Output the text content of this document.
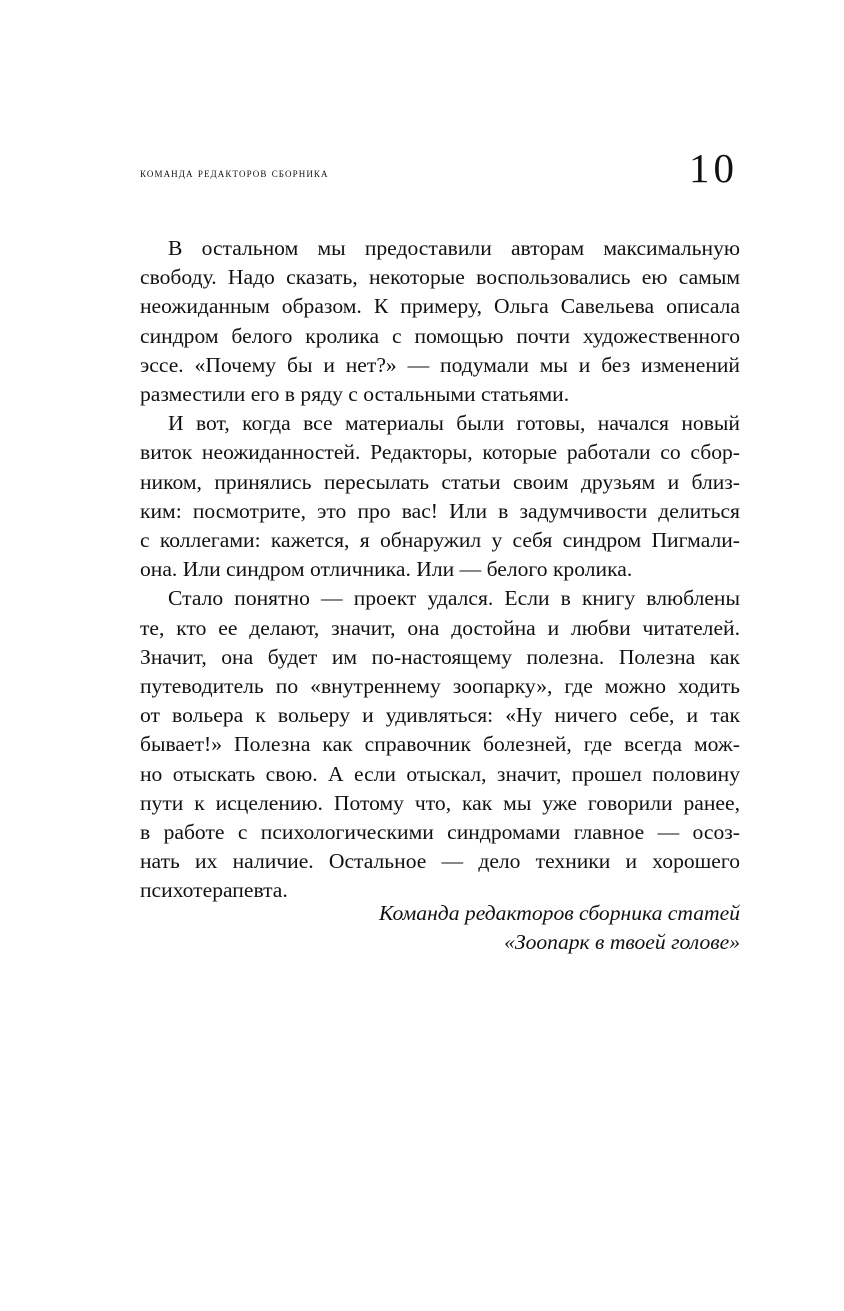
команда редакторов сборника	10
В остальном мы предоставили авторам максимальную
свободу. Надо сказать, некоторые воспользовались ею самым
неожиданным образом. К примеру, Ольга Савельева описала
синдром белого кролика с помощью почти художественного
эссе. «Почему бы и нет?» — подумали мы и без изменений
разместили его в ряду с остальными статьями.
И вот, когда все материалы были готовы, начался новый
виток неожиданностей. Редакторы, которые работали со сбор-
ником, принялись пересылать статьи своим друзьям и близ-
ким: посмотрите, это про вас! Или в задумчивости делиться
с коллегами: кажется, я обнаружил у себя синдром Пигмали-
она. Или синдром отличника. Или — белого кролика.
Стало понятно — проект удался. Если в книгу влюблены
те, кто ее делают, значит, она достойна и любви читателей.
Значит, она будет им по-настоящему полезна. Полезна как
путеводитель по «внутреннему зоопарку», где можно ходить
от вольера к вольеру и удивляться: «Ну ничего себе, и так
бывает!» Полезна как справочник болезней, где всегда мож-
но отыскать свою. А если отыскал, значит, прошел половину
пути к исцелению. Потому что, как мы уже говорили ранее,
в работе с психологическими синдромами главное — осоз-
нать их наличие. Остальное — дело техники и хорошего
психотерапевта.
Команда редакторов сборника статей
«Зоопарк в твоей голове»
